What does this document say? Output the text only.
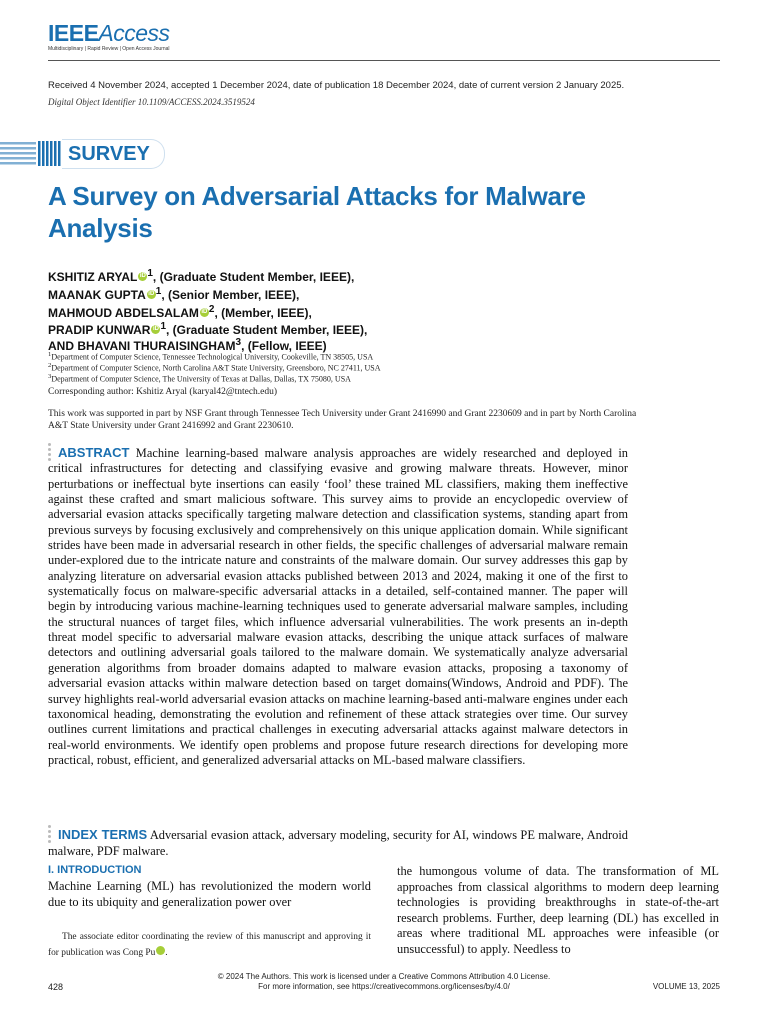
IEEEAccess
Multidisciplinary | Rapid Review | Open Access Journal
Received 4 November 2024, accepted 1 December 2024, date of publication 18 December 2024, date of current version 2 January 2025.
Digital Object Identifier 10.1109/ACCESS.2024.3519524
SURVEY
A Survey on Adversarial Attacks for Malware Analysis
KSHITIZ ARYAL iD $^1$, (Graduate Student Member, IEEE),
MAANAK GUPTA iD $^1$, (Senior Member, IEEE),
MAHMOUD ABDELSALAM iD $^2$, (Member, IEEE),
PRADIP KUNWAR iD $^1$, (Graduate Student Member, IEEE),
AND BHAVANI THURAISINGHAM$^3$, (Fellow, IEEE)
$^1$Department of Computer Science, Tennessee Technological University, Cookeville, TN 38505, USA
$^2$Department of Computer Science, North Carolina A&T State University, Greensboro, NC 27411, USA
$^3$Department of Computer Science, The University of Texas at Dallas, Dallas, TX 75080, USA
Corresponding author: Kshitiz Aryal (karyal42@tntech.edu)
This work was supported in part by NSF Grant through Tennessee Tech University under Grant 2416990 and Grant 2230609 and in part by North Carolina A&T State University under Grant 2416992 and Grant 2230610.
ABSTRACT Machine learning-based malware analysis approaches are widely researched and deployed in critical infrastructures for detecting and classifying evasive and growing malware threats. However, minor perturbations or ineffectual byte insertions can easily ‘fool’ these trained ML classifiers, making them ineffective against these crafted and smart malicious software. This survey aims to provide an encyclopedic overview of adversarial evasion attacks specifically targeting malware detection and classification systems, standing apart from previous surveys by focusing exclusively and comprehensively on this unique application domain. While significant strides have been made in adversarial research in other fields, the specific challenges of adversarial malware remain under-explored due to the intricate nature and constraints of the malware domain. Our survey addresses this gap by analyzing literature on adversarial evasion attacks published between 2013 and 2024, making it one of the first to systematically focus on malware-specific adversarial attacks in a detailed, self-contained manner. The paper will begin by introducing various machine-learning techniques used to generate adversarial malware samples, including the structural nuances of target files, which influence adversarial vulnerabilities. The work presents an in-depth threat model specific to adversarial malware evasion attacks, describing the unique attack surfaces of malware detectors and outlining adversarial goals tailored to the malware domain. We systematically analyze adversarial generation algorithms from broader domains adapted to malware evasion attacks, proposing a taxonomy of adversarial evasion attacks within malware detection based on target domains(Windows, Android and PDF). The survey highlights real-world adversarial evasion attacks on machine learning-based anti-malware engines under each taxonomical heading, demonstrating the evolution and refinement of these attack strategies over time. Our survey outlines current limitations and practical challenges in executing adversarial attacks against malware detectors in real-world environments. We identify open problems and propose future research directions for developing more practical, robust, efficient, and generalized adversarial attacks on ML-based malware classifiers.
INDEX TERMS Adversarial evasion attack, adversary modeling, security for AI, windows PE malware, Android malware, PDF malware.
I. INTRODUCTION
Machine Learning (ML) has revolutionized the modern world due to its ubiquity and generalization power over
The associate editor coordinating the review of this manuscript and approving it for publication was Cong Pu	iD.
the humongous volume of data. The transformation of ML approaches from classical algorithms to modern deep learning technologies is providing breakthroughs in state-of-the-art research problems. Further, deep learning (DL) has excelled in areas where traditional ML approaches were infeasible (or unsuccessful) to apply. Needless to
© 2024 The Authors. This work is licensed under a Creative Commons Attribution 4.0 License.
For more information, see https://creativecommons.org/licenses/by/4.0/
428	VOLUME 13, 2025
